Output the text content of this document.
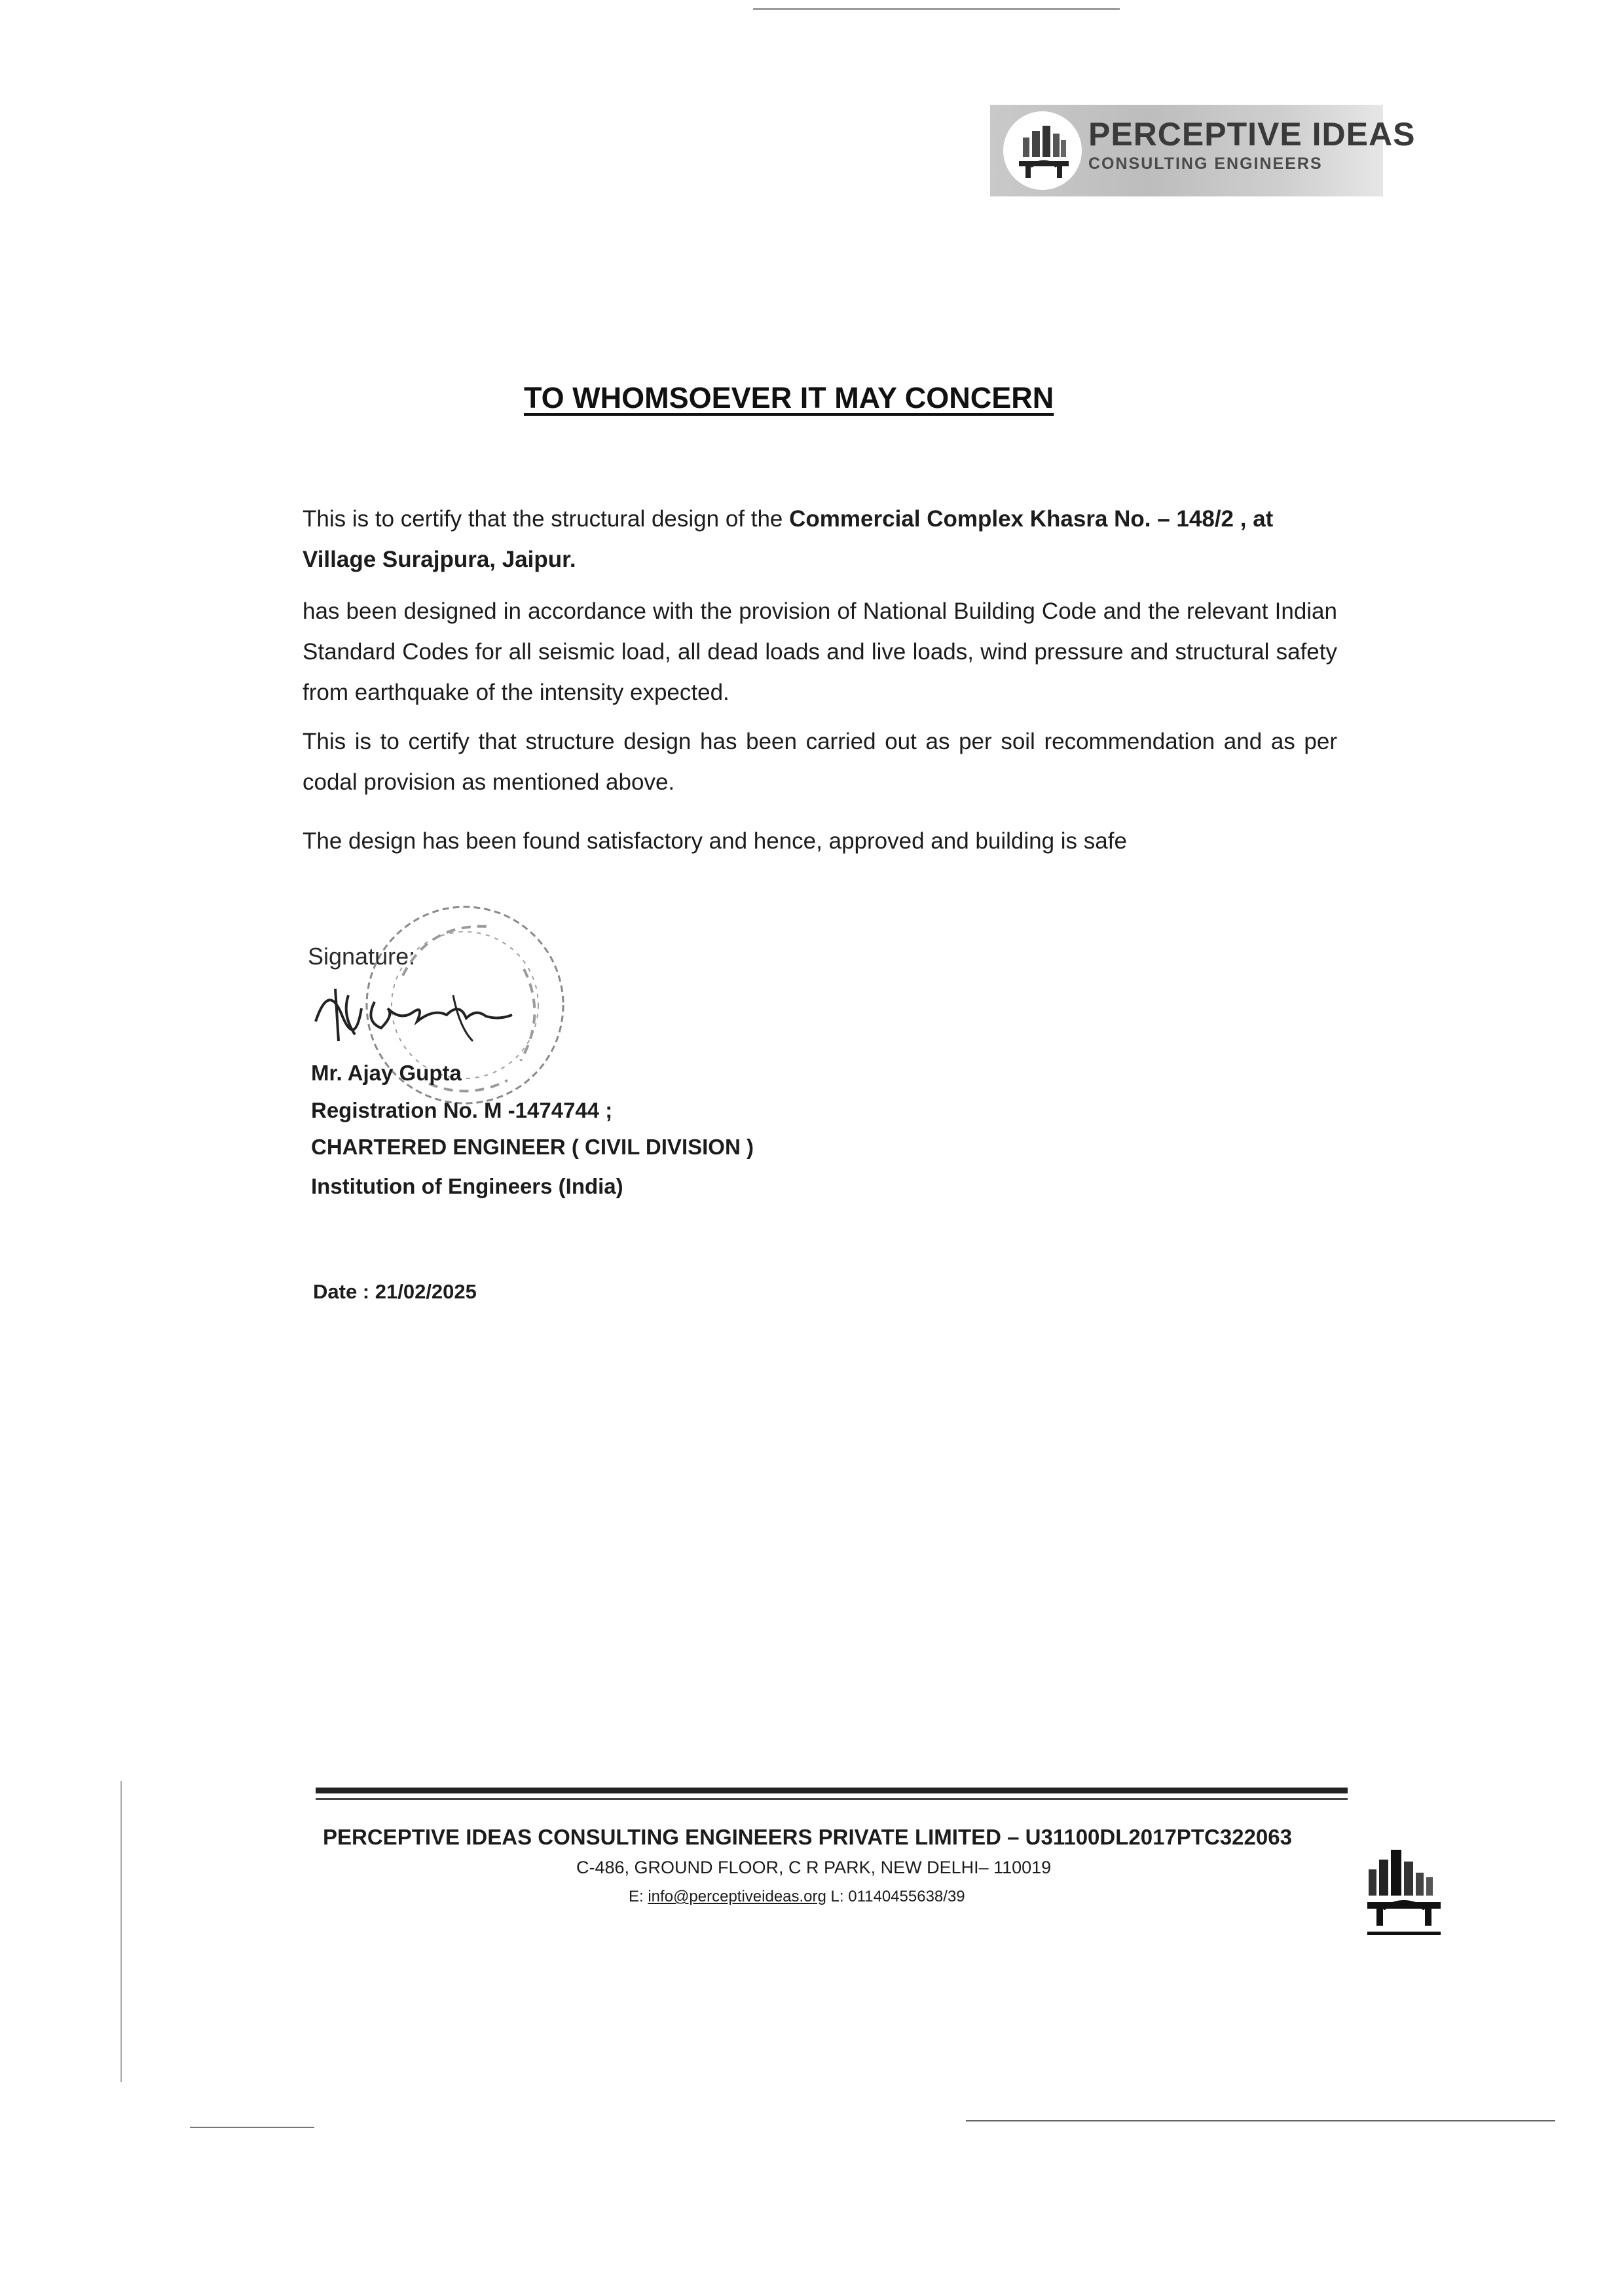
PERCEPTIVE IDEAS
CONSULTING ENGINEERS
TO WHOMSOEVER IT MAY CONCERN
This is to certify that the structural design of the Commercial Complex Khasra No. – 148/2 , at Village Surajpura, Jaipur.
has been designed in accordance with the provision of National Building Code and the relevant Indian Standard Codes for all seismic load, all dead loads and live loads, wind pressure and structural safety from earthquake of the intensity expected.
This is to certify that structure design has been carried out as per soil recommendation and as per codal provision as mentioned above.
The design has been found satisfactory and hence, approved and building is safe
Signature:
Mr. Ajay Gupta
Registration No. M -1474744 ;
CHARTERED ENGINEER ( CIVIL DIVISION )
Institution of Engineers (India)
Date : 21/02/2025
PERCEPTIVE IDEAS CONSULTING ENGINEERS PRIVATE LIMITED – U31100DL2017PTC322063
C-486, GROUND FLOOR, C R PARK, NEW DELHI– 110019
E: info@perceptiveideas.org L: 01140455638/39
